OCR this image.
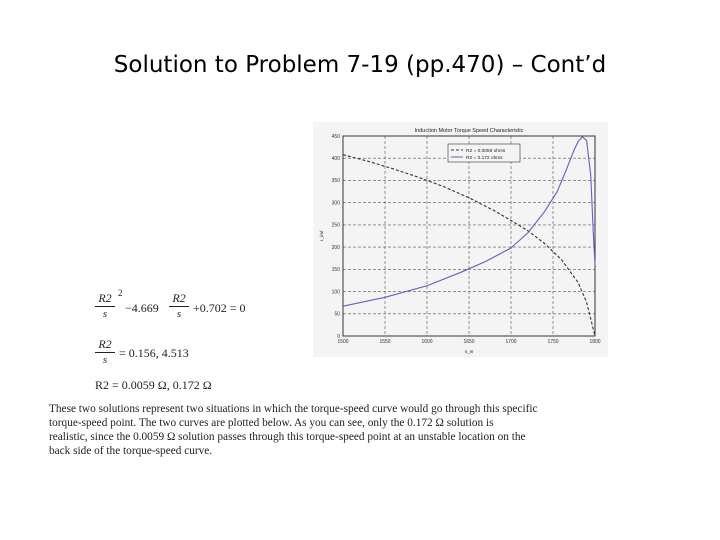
Solution to Problem 7-19 (pp.470) – Cont’d
R2
s
2
−4.669
R2
s +0.702 = 0
R2
s = 0.156, 4.513
R2 = 0.0059 Ω, 0.172 Ω
These two solutions represent two situations in which the torque-speed curve would go through this specific
torque-speed point. The two curves are plotted below. As you can see, only the 0.172 Ω solution is
realistic, since the 0.0059 Ω solution passes through this torque-speed point at an unstable location on the
back side of the torque-speed curve.
1500	1550	1600	1650	1700	1750	1800
0
50
100
150
200
250
300
350
400
450
Induction Motor Torque Speed Characteristic
n_m
τ_ind
R2 = 0.0059 ohms
R2 = 0.172 ohms
